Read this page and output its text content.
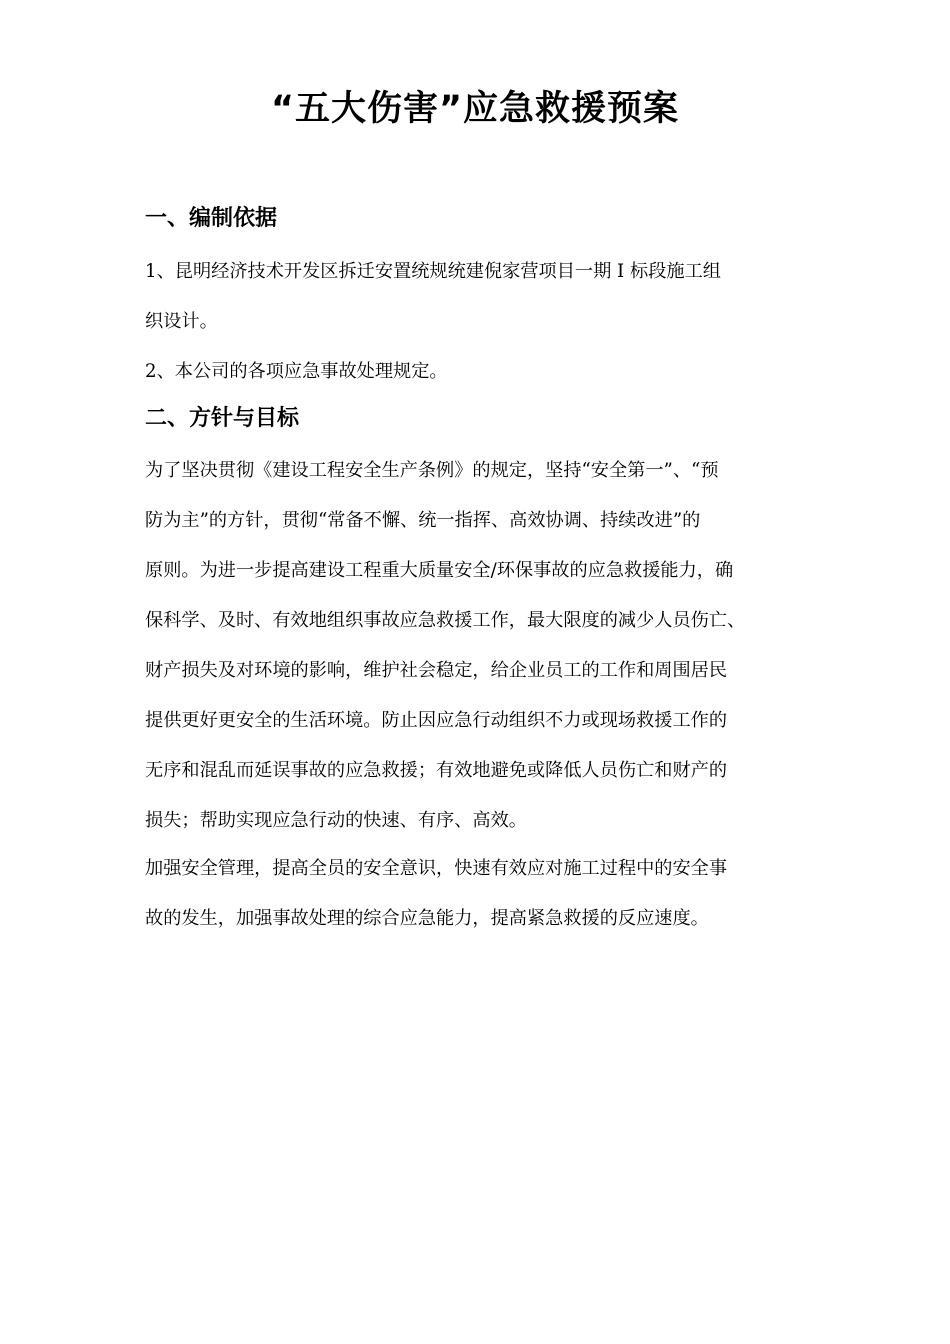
“五大伤害”应急救援预案
一、编制依据

1、昆明经济技术开发区拆迁安置统规统建倪家营项目一期 Ⅰ 标段施工组
织设计。

2、本公司的各项应急事故处理规定。

二、方针与目标

为了坚决贯彻《建设工程安全生产条例》的规定，坚持“安全第一”、“预
防为主”的方针，贯彻“常备不懈、统一指挥、高效协调、持续改进”的
原则。为进一步提高建设工程重大质量安全/环保事故的应急救援能力，确
保科学、及时、有效地组织事故应急救援工作，最大限度的减少人员伤亡、
财产损失及对环境的影响，维护社会稳定，给企业员工的工作和周围居民
提供更好更安全的生活环境。防止因应急行动组织不力或现场救援工作的
无序和混乱而延误事故的应急救援；有效地避免或降低人员伤亡和财产的
损失；帮助实现应急行动的快速、有序、高效。

加强安全管理，提高全员的安全意识，快速有效应对施工过程中的安全事
故的发生，加强事故处理的综合应急能力，提高紧急救援的反应速度。
